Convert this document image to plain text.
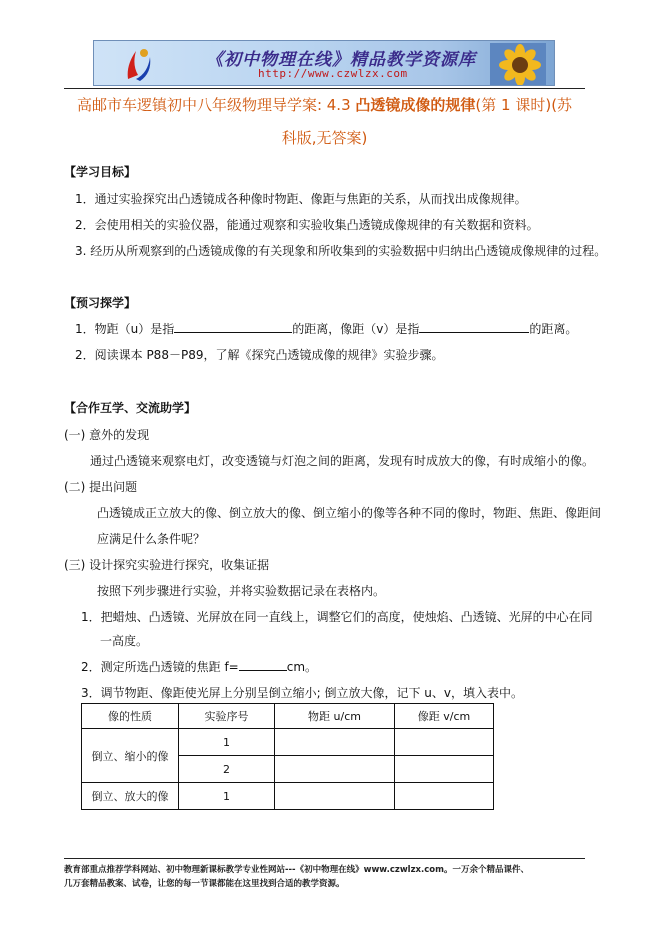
《初中物理在线》精品教学资源库
http://www.czwlzx.com
高邮市车逻镇初中八年级物理导学案: 4.3 凸透镜成像的规律(第 1 课时)(苏
科版,无答案)
【学习目标】
1．通过实验探究出凸透镜成各种像时物距、像距与焦距的关系，从而找出成像规律。
2．会使用相关的实验仪器，能通过观察和实验收集凸透镜成像规律的有关数据和资料。
3. 经历从所观察到的凸透镜成像的有关现象和所收集到的实验数据中归纳出凸透镜成像规律的过程。
【预习探学】
1．物距（u）是指	的距离，像距（v）是指	的距离。
2．阅读课本 P88－P89，了解《探究凸透镜成像的规律》实验步骤。
【合作互学、交流助学】
(一) 意外的发现
通过凸透镜来观察电灯，改变透镜与灯泡之间的距离，发现有时成放大的像，有时成缩小的像。
(二) 提出问题
凸透镜成正立放大的像、倒立放大的像、倒立缩小的像等各种不同的像时，物距、焦距、像距间
应满足什么条件呢？
(三) 设计探究实验进行探究，收集证据
按照下列步骤进行实验，并将实验数据记录在表格内。
1．把蜡烛、凸透镜、光屏放在同一直线上，调整它们的高度，使烛焰、凸透镜、光屏的中心在同
一高度。
2．测定所选凸透镜的焦距 f=	cm。
3．调节物距、像距使光屏上分别呈倒立缩小; 倒立放大像，记下 u、v，填入表中。
像的性质	实验序号	物距 u/cm	像距 v/cm
倒立、缩小的像	1		
	2		
倒立、放大的像	1		
教育部重点推荐学科网站、初中物理新课标教学专业性网站---《初中物理在线》www.czwlzx.com。一万余个精品课件、
几万套精品教案、试卷，让您的每一节课都能在这里找到合适的教学资源。
